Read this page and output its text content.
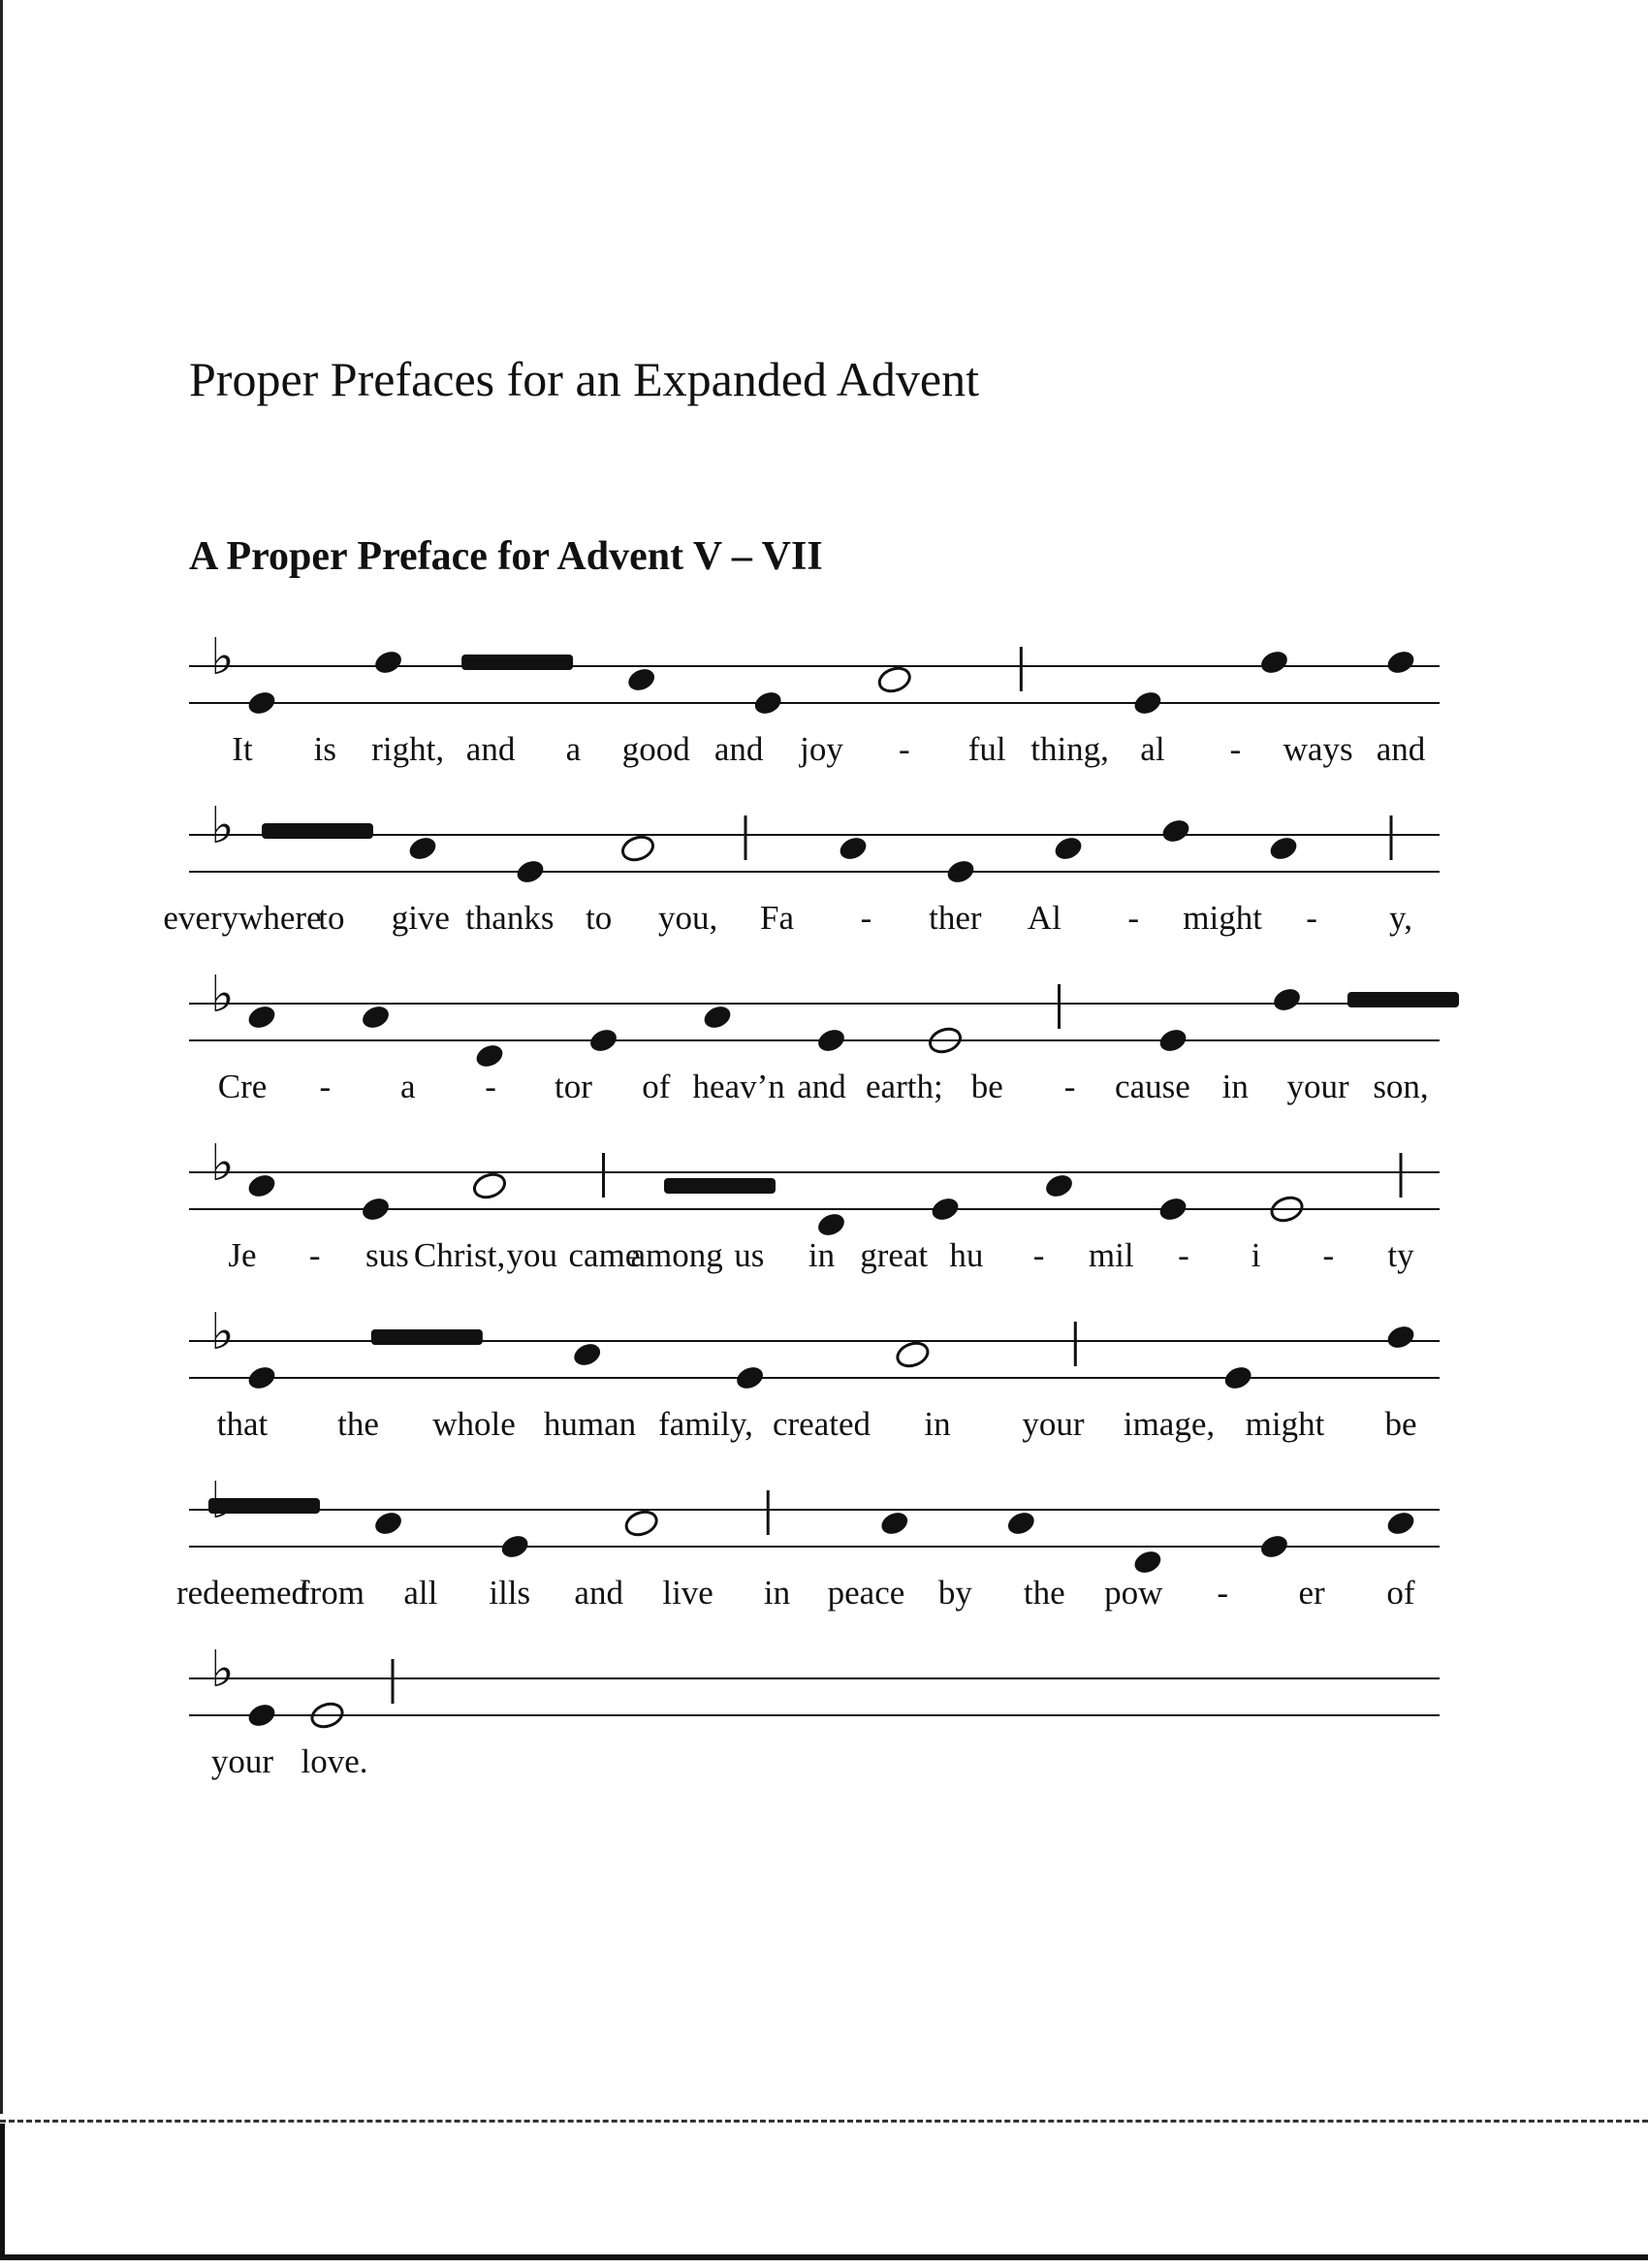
Proper Prefaces for an Expanded Advent
A Proper Preface for Advent V – VII
♭
It is right, and a good and joy - ful thing, al - ways and
♭
everywhere
to give thanks to you, Fa - ther Al - might - y,
♭
Cre - a - tor of heav’n and earth; be - cause in your son,
♭
Je - sus Christ, you came
among us in great hu - mil - i - ty
♭
that the whole human family, created in your image, might be
redeemed
from all ills and live in peace by the pow - er of
♭
your love.
